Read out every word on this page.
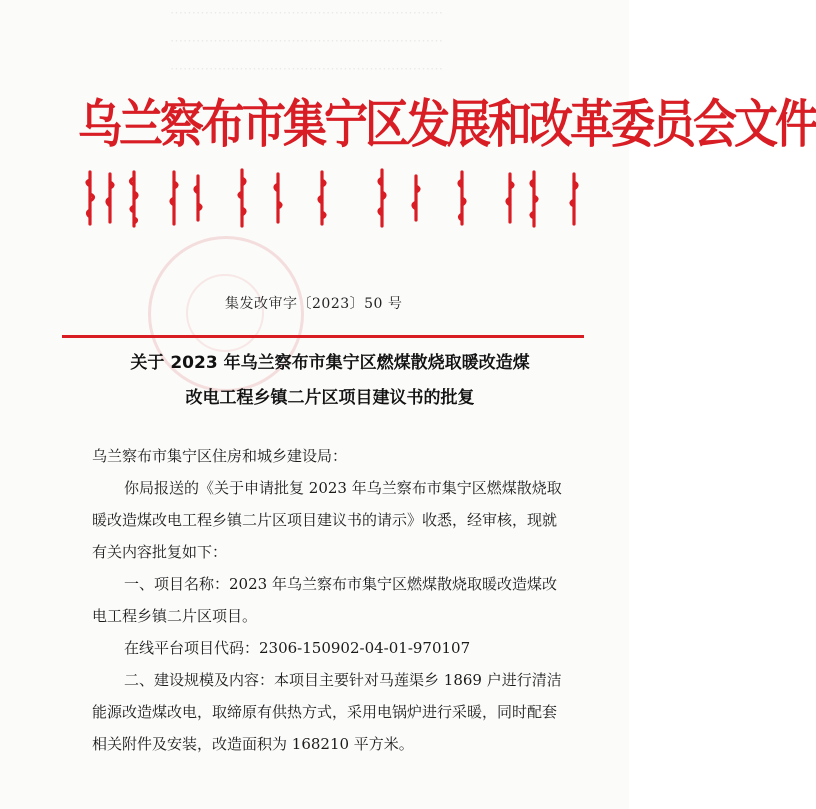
⋯⋯⋯⋯⋯⋯⋯⋯⋯⋯⋯⋯⋯⋯⋯⋯⋯⋯⋯⋯⋯
⋯⋯⋯⋯⋯⋯⋯⋯⋯⋯⋯⋯⋯⋯⋯⋯⋯⋯⋯⋯⋯
⋯⋯⋯⋯⋯⋯⋯⋯⋯⋯⋯⋯⋯⋯⋯⋯⋯⋯⋯⋯⋯
乌兰察布市集宁区发展和改革委员会文件
集发改审字〔2023〕50 号
关于 2023 年乌兰察布市集宁区燃煤散烧取暖改造煤
改电工程乡镇二片区项目建议书的批复

乌兰察布市集宁区住房和城乡建设局：

你局报送的《关于申请批复 2023 年乌兰察布市集宁区燃煤散烧取暖改造煤改电工程乡镇二片区项目建议书的请示》收悉，经审核，现就有关内容批复如下：

一、项目名称：2023 年乌兰察布市集宁区燃煤散烧取暖改造煤改电工程乡镇二片区项目。

在线平台项目代码：2306-150902-04-01-970107

二、建设规模及内容：本项目主要针对马莲渠乡 1869 户进行清洁能源改造煤改电，取缔原有供热方式，采用电锅炉进行采暖，同时配套相关附件及安装，改造面积为 168210 平方米。
